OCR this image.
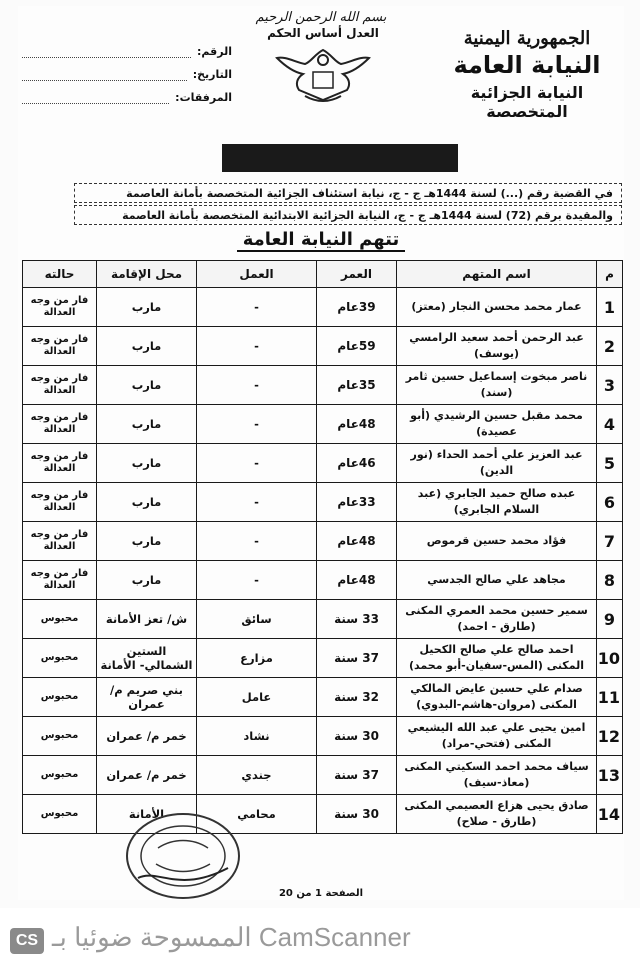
بسم الله الرحمن الرحيم
الجمهورية اليمنية
النيابة العامة
النيابة الجزائية المتخصصة
العدل أساس الحكم
الرقم:
التاريخ:
المرفقات:
في القضية رقم (...) لسنة 1444هـ ج - ج، نيابة استئناف الجزائية المتخصصة بأمانة العاصمة
والمقيدة برقم (72) لسنة 1444هـ ج - ج، النيابة الجزائية الابتدائية المتخصصة بأمانة العاصمة
تتهم النيابة العامة
م	اسم المتهم	العمر	العمل	محل الإقامة	حالته
1	عمار محمد محسن النجار (معتز)	39عام	-	مارب	فار من وجه العدالة
2	عبد الرحمن أحمد سعيد الرامسي (يوسف)	59عام	-	مارب	فار من وجه العدالة
3	ناصر مبخوت إسماعيل حسين ثامر (سند)	35عام	-	مارب	فار من وجه العدالة
4	محمد مقبل حسين الرشيدي (أبو عصيدة)	48عام	-	مارب	فار من وجه العدالة
5	عبد العزيز علي أحمد الحداء (نور الدين)	46عام	-	مارب	فار من وجه العدالة
6	عبده صالح حميد الجابري (عبد السلام الجابري)	33عام	-	مارب	فار من وجه العدالة
7	فؤاد محمد حسين قرموص	48عام	-	مارب	فار من وجه العدالة
8	مجاهد علي صالح الجدسي	48عام	-	مارب	فار من وجه العدالة
9	سمير حسين محمد العمري المكنى (طارق - احمد)	33 سنة	سائق	ش/ تعز الأمانة	محبوس
10	احمد صالح علي صالح الكحيل المكنى (المس-سفيان-أبو محمد)	37 سنة	مزارع	الستين الشمالي- الأمانة	محبوس
11	صدام علي حسين عايض المالكي المكنى (مروان-هاشم-البدوي)	32 سنة	عامل	بني صريم م/ عمران	محبوس
12	امين يحيى علي عبد الله اليشيعي المكنى (فتحي-مراد)	30 سنة	نشاد	خمر م/ عمران	محبوس
13	سياف محمد احمد السكيتي المكنى (معاذ-سيف)	37 سنة	جندي	خمر م/ عمران	محبوس
14	صادق يحيى هزاع العصيمي المكنى (طارق - صلاح)	30 سنة	محامي	الأمانة	محبوس
الصفحة 1 من 20
CS الممسوحة ضوئيا بـ CamScanner
